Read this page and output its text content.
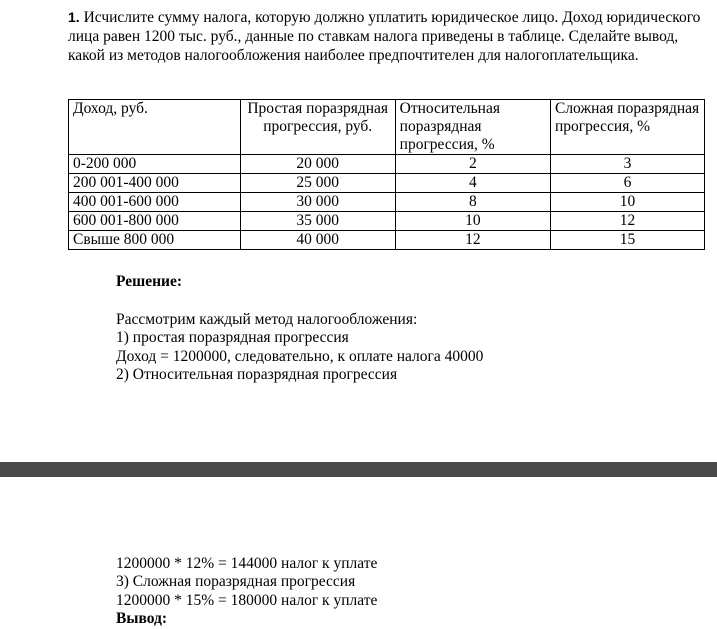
1. Исчислите сумму налога, которую должно уплатить юридическое лицо. Доход юридического лица равен 1200 тыс. руб., данные по ставкам налога приведены в таблице. Сделайте вывод, какой из методов налогообложения наиболее предпочтителен для налогоплательщика.

Доход, руб.	Простая поразрядная прогрессия, руб.	Относительная поразрядная прогрессия, %	Сложная поразрядная прогрессия, %
0-200 000	20 000	2	3
200 001-400 000	25 000	4	6
400 001-600 000	30 000	8	10
600 001-800 000	35 000	10	12
Свыше 800 000	40 000	12	15

Решение:

Рассмотрим каждый метод налогообложения:

1) простая поразрядная прогрессия

Доход = 1200000, следовательно, к оплате налога 40000

2) Относительная поразрядная прогрессия

1200000 * 12% = 144000 налог к уплате

3) Сложная поразрядная прогрессия

1200000 * 15% = 180000 налог к уплате

Вывод:
